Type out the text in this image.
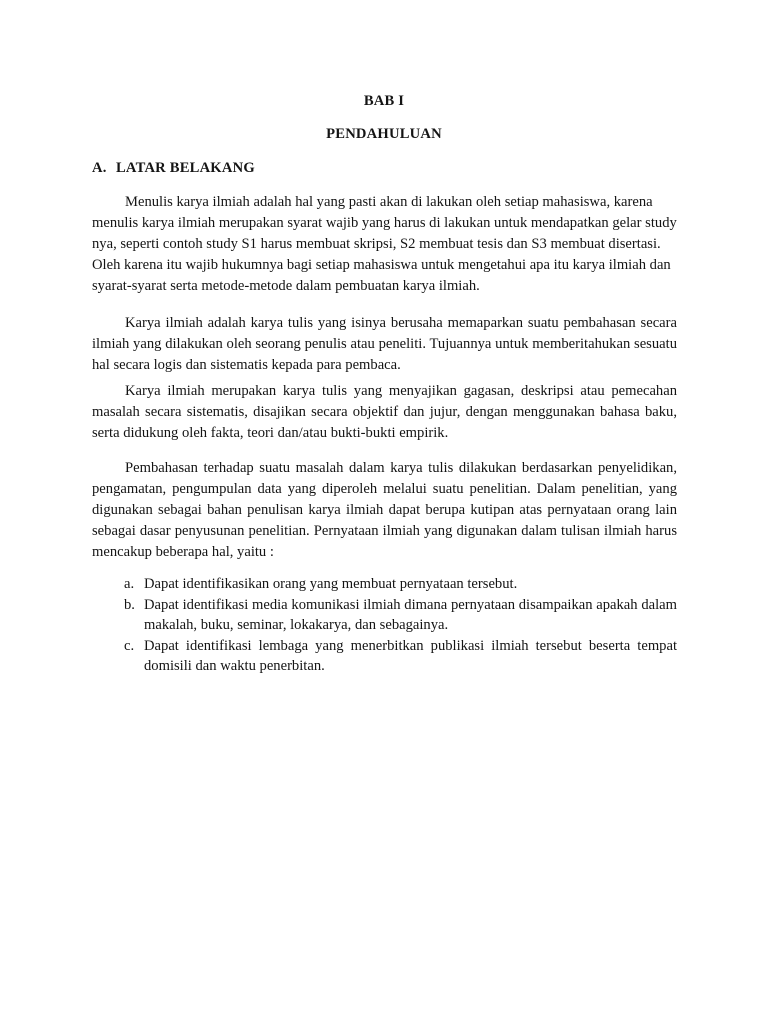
BAB I
PENDAHULUAN
A. LATAR BELAKANG

Menulis karya ilmiah adalah hal yang pasti akan di lakukan oleh setiap mahasiswa, karena menulis karya ilmiah merupakan syarat wajib yang harus di lakukan untuk mendapatkan gelar study nya, seperti contoh study S1 harus membuat skripsi, S2 membuat tesis dan S3 membuat disertasi. Oleh karena itu wajib hukumnya bagi setiap mahasiswa untuk mengetahui apa itu karya ilmiah dan syarat-syarat serta metode-metode dalam pembuatan karya ilmiah.

Karya ilmiah adalah karya tulis yang isinya berusaha memaparkan suatu pembahasan secara ilmiah yang dilakukan oleh seorang penulis atau peneliti. Tujuannya untuk memberitahukan sesuatu hal secara logis dan sistematis kepada para pembaca.

Karya ilmiah merupakan karya tulis yang menyajikan gagasan, deskripsi atau pemecahan masalah secara sistematis, disajikan secara objektif dan jujur, dengan menggunakan bahasa baku, serta didukung oleh fakta, teori dan/atau bukti-bukti empirik.

Pembahasan terhadap suatu masalah dalam karya tulis dilakukan berdasarkan penyelidikan, pengamatan, pengumpulan data yang diperoleh melalui suatu penelitian. Dalam penelitian, yang digunakan sebagai bahan penulisan karya ilmiah dapat berupa kutipan atas pernyataan orang lain sebagai dasar penyusunan penelitian. Pernyataan ilmiah yang digunakan dalam tulisan ilmiah harus mencakup beberapa hal, yaitu :

a. Dapat identifikasikan orang yang membuat pernyataan tersebut.
b. Dapat identifikasi media komunikasi ilmiah dimana pernyataan disampaikan apakah dalam makalah, buku, seminar, lokakarya, dan sebagainya.
c. Dapat identifikasi lembaga yang menerbitkan publikasi ilmiah tersebut beserta tempat domisili dan waktu penerbitan.
